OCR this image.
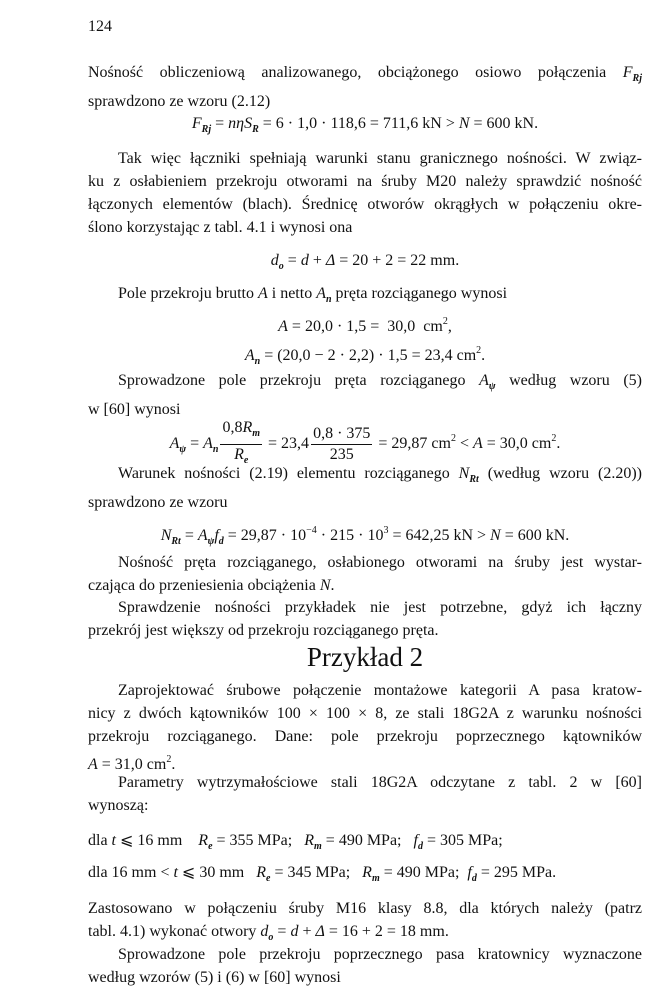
124
Nośność obliczeniową analizowanego, obciążonego osiowo połączenia $F_{Rj}$
sprawdzono ze wzoru (2.12)
$F_{Rj} = n\eta S_R = 6 \cdot 1,0 \cdot 118,6 = 711,6$ kN > N = 600 kN.
Tak więc łączniki spełniają warunki stanu granicznego nośności. W związ-
ku z osłabieniem przekroju otworami na śruby M20 należy sprawdzić nośność
łączonych elementów (blach). Średnicę otworów okrągłych w połączeniu okre-
ślono korzystając z tabl. 4.1 i wynosi ona
$d_o = d + \Delta = 20 + 2 = 22$ mm.
Pole przekroju brutto A i netto $A_n$ pręta rozciąganego wynosi
A = 20,0 · 1,5 =  30,0  $cm^2$,
$A_n = (20,0 - 2 \cdot 2,2) \cdot 1,5 = 23,4$ $cm^2$.
Sprowadzone pole przekroju pręta rozciąganego $A_\psi$ według wzoru (5)
w [60] wynosi
$A_\psi = A_n \frac{0,8R_m}{R_e} = 23,4 \frac{0,8 \cdot 375}{235} = 29,87$ $cm^2 < A = 30,0$ $cm^2$.
Warunek nośności (2.19) elementu rozciąganego $N_{Rt}$ (według wzoru (2.20))
sprawdzono ze wzoru
$N_{Rt} = A_\psi f_d = 29,87 \cdot 10^{-4} \cdot 215 \cdot 10^3 = 642,25$ kN > N = 600 kN.
Nośność pręta rozciąganego, osłabionego otworami na śruby jest wystar-
czająca do przeniesienia obciążenia N.
Sprawdzenie nośności przykładek nie jest potrzebne, gdyż ich łączny
przekrój jest większy od przekroju rozciąganego pręta.
Przykład 2
Zaprojektować śrubowe połączenie montażowe kategorii A pasa kratow-
nicy z dwóch kątowników 100 × 100 × 8, ze stali 18G2A z warunku nośności
przekroju rozciąganego. Dane: pole przekroju poprzecznego kątowników
A = 31,0 $cm^2$.
Parametry wytrzymałościowe stali 18G2A odczytane z tabl. 2 w [60]
wynoszą:
dla t ⩽ 16 mm    $R_e = 355$ MPa;   $R_m = 490$ MPa;   $f_d = 305$ MPa;
dla 16 mm < t ⩽ 30 mm   $R_e = 345$ MPa;   $R_m = 490$ MPa;  $f_d = 295$ MPa.
Zastosowano w połączeniu śruby M16 klasy 8.8, dla których należy (patrz
tabl. 4.1) wykonać otwory $d_o = d + \Delta = 16 + 2 = 18$ mm.
Sprowadzone pole przekroju poprzecznego pasa kratownicy wyznaczone
według wzorów (5) i (6) w [60] wynosi
